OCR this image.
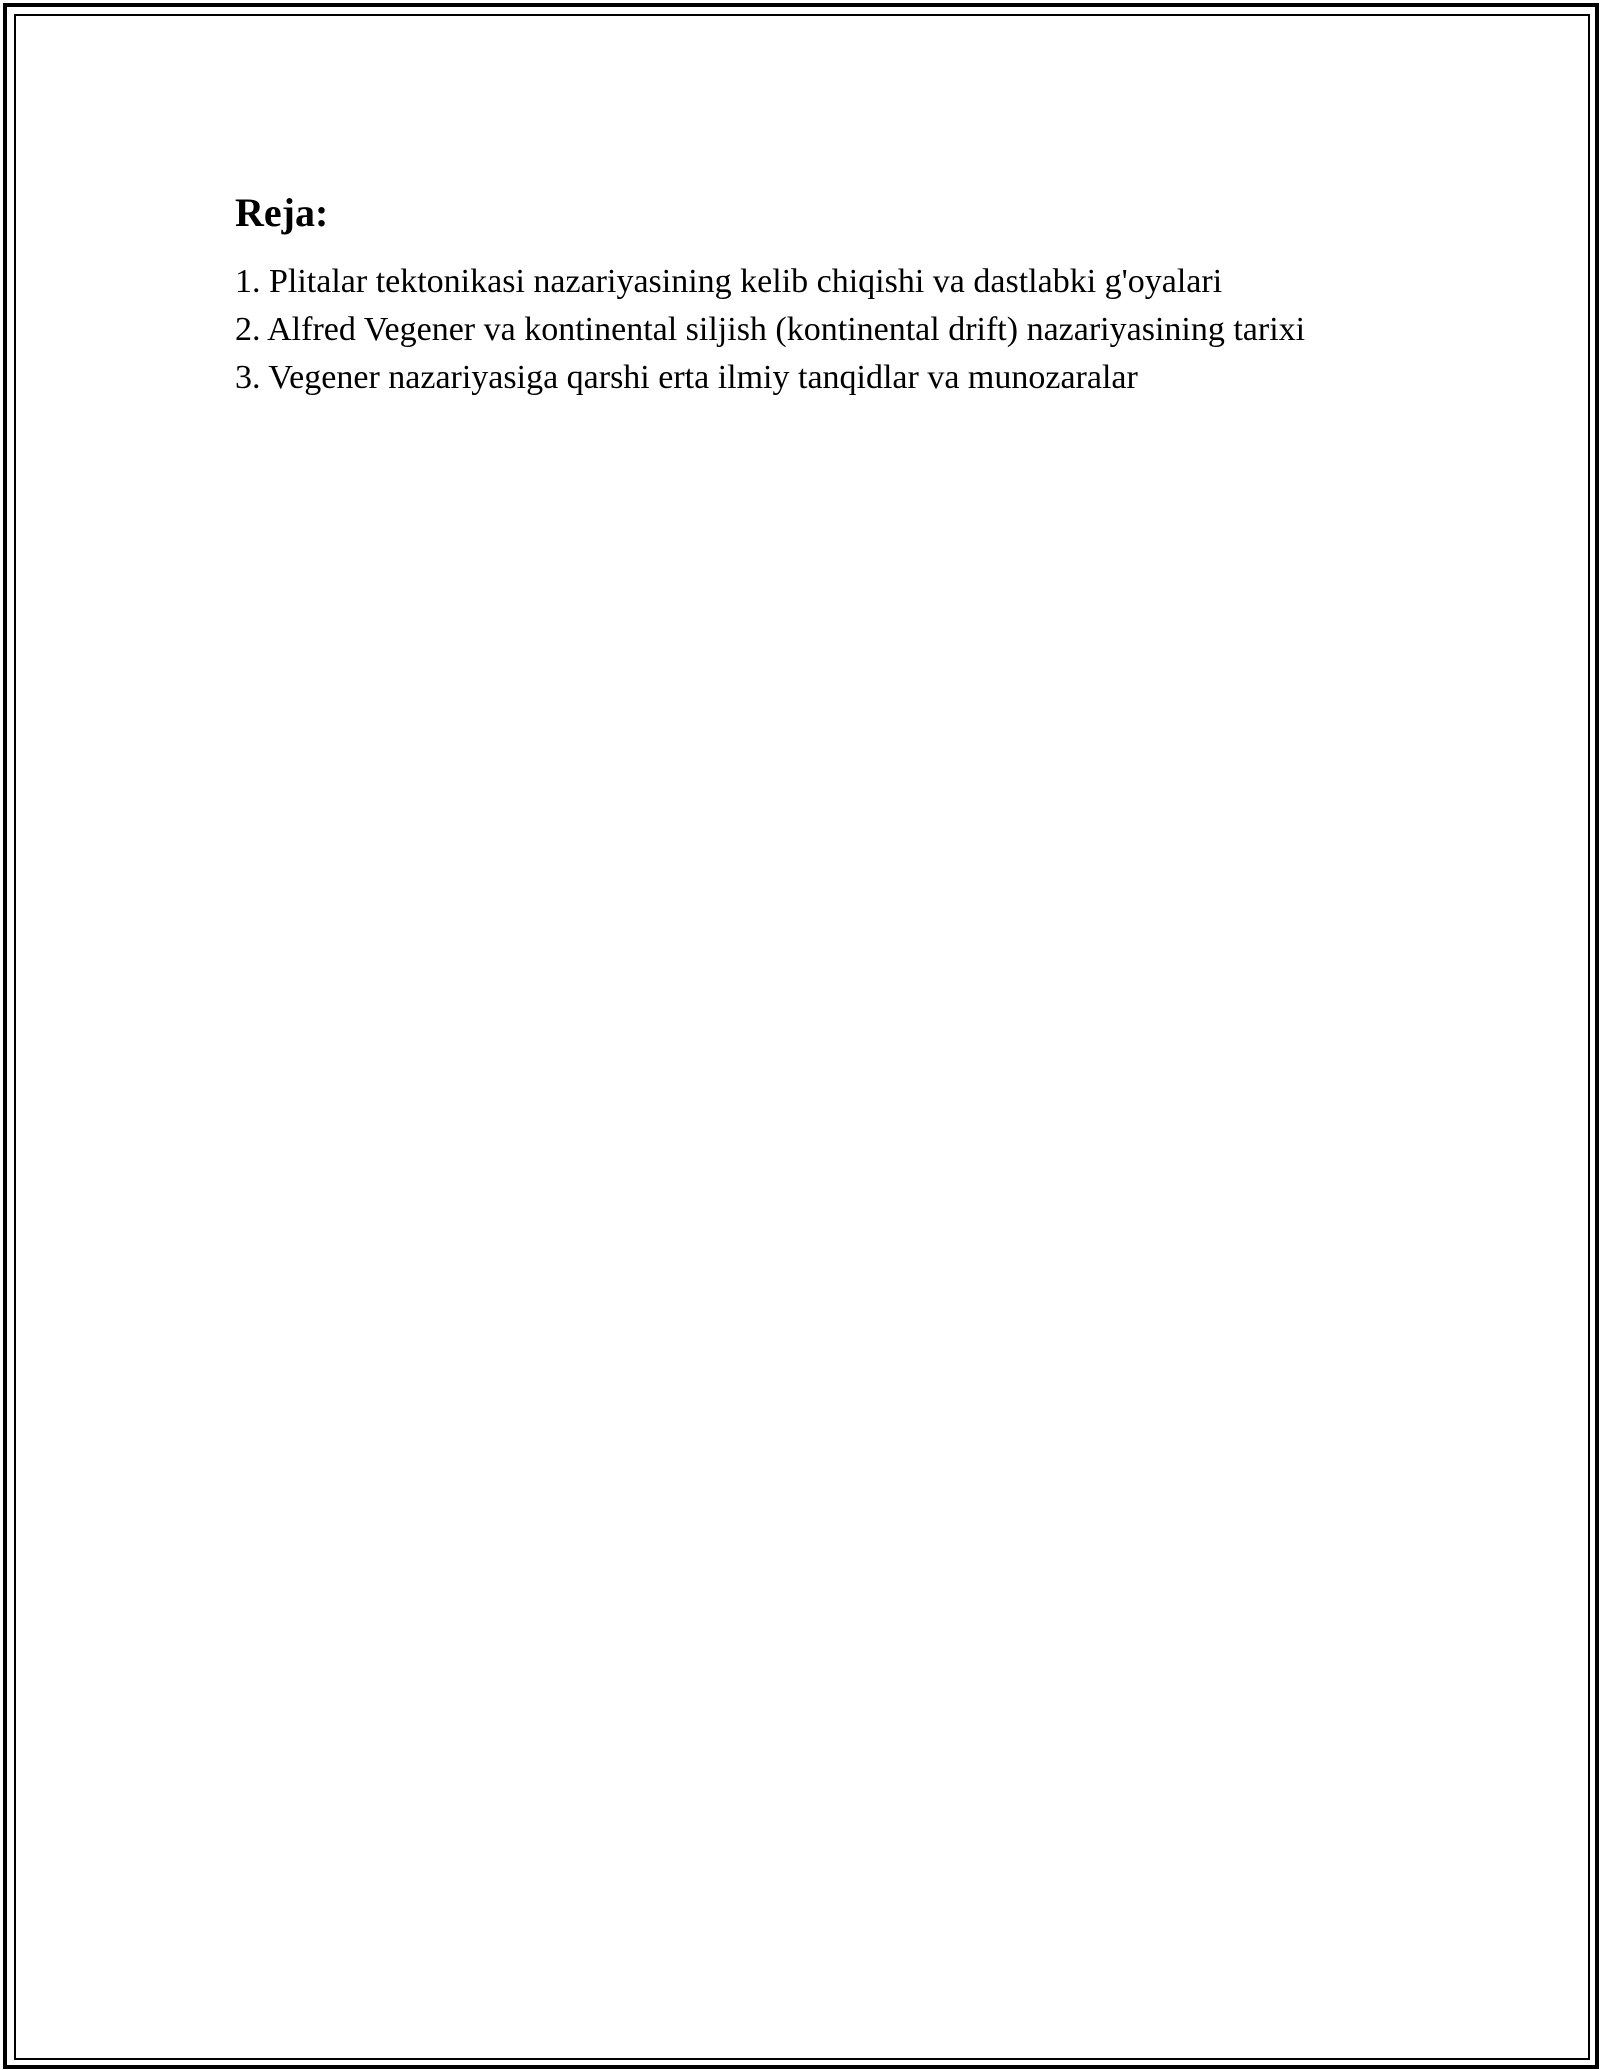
Reja:
1. Plitalar tektonikasi nazariyasining kelib chiqishi va dastlabki g'oyalari
2. Alfred Vegener va kontinental siljish (kontinental drift) nazariyasining tarixi
3. Vegener nazariyasiga qarshi erta ilmiy tanqidlar va munozaralar
